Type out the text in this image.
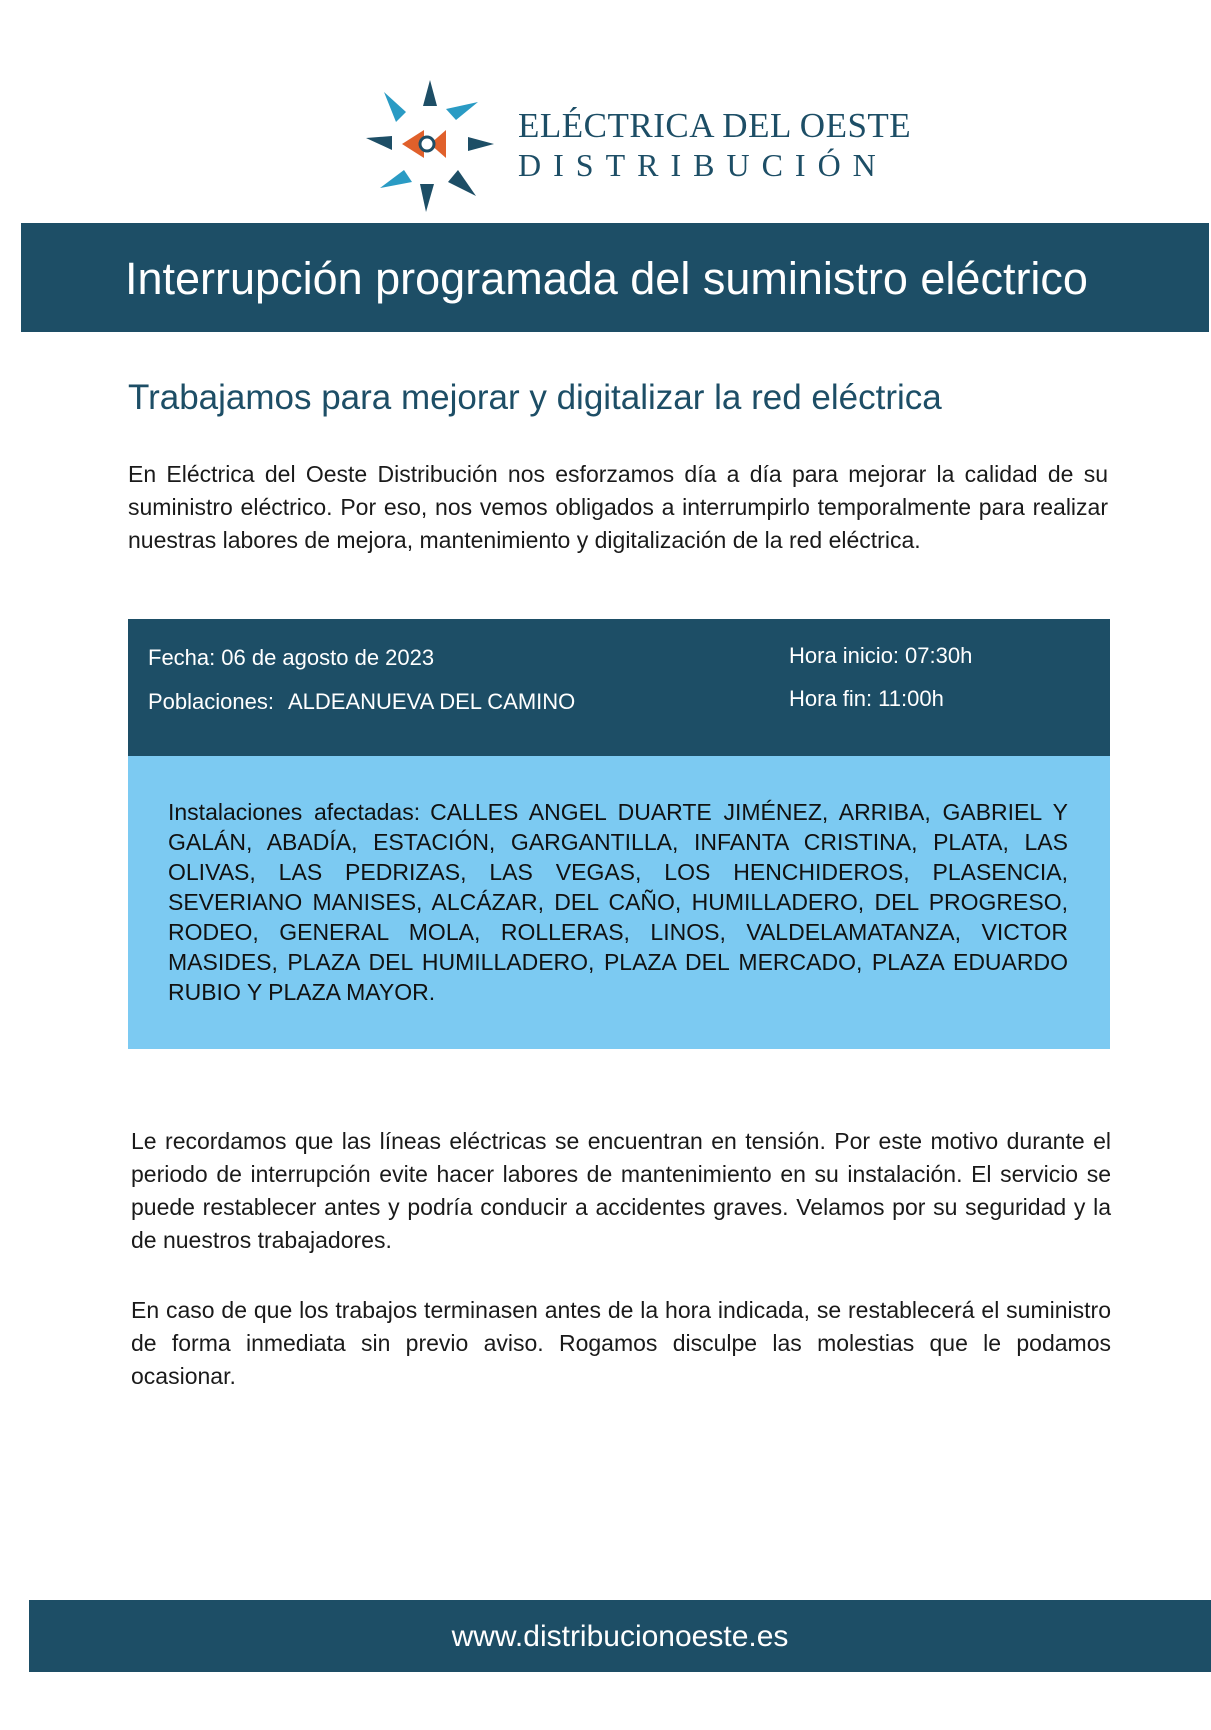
ELÉCTRICA DEL OESTE
DISTRIBUCIÓN
Interrupción programada del suministro eléctrico
Trabajamos para mejorar y digitalizar la red eléctrica
En Eléctrica del Oeste Distribución nos esforzamos día a día para mejorar la calidad de su suministro eléctrico. Por eso, nos vemos obligados a interrumpirlo temporalmente para realizar nuestras labores de mejora, mantenimiento y digitalización de la red eléctrica.
Fecha: 06 de agosto de 2023
Poblaciones: ALDEANUEVA DEL CAMINO
Hora inicio: 07:30h
Hora fin: 11:00h
Instalaciones afectadas: CALLES ANGEL DUARTE JIMÉNEZ, ARRIBA, GABRIEL Y GALÁN, ABADÍA, ESTACIÓN, GARGANTILLA, INFANTA CRISTINA, PLATA, LAS OLIVAS, LAS PEDRIZAS, LAS VEGAS, LOS HENCHIDEROS, PLASENCIA, SEVERIANO MANISES, ALCÁZAR, DEL CAÑO, HUMILLADERO, DEL PROGRESO, RODEO, GENERAL MOLA, ROLLERAS, LINOS, VALDELAMATANZA, VICTOR MASIDES, PLAZA DEL HUMILLADERO, PLAZA DEL MERCADO, PLAZA EDUARDO RUBIO Y PLAZA MAYOR.
Le recordamos que las líneas eléctricas se encuentran en tensión. Por este motivo durante el periodo de interrupción evite hacer labores de mantenimiento en su instalación. El servicio se puede restablecer antes y podría conducir a accidentes graves. Velamos por su seguridad y la de nuestros trabajadores.
En caso de que los trabajos terminasen antes de la hora indicada, se restablecerá el suministro de forma inmediata sin previo aviso. Rogamos disculpe las molestias que le podamos ocasionar.
www.distribucionoeste.es
